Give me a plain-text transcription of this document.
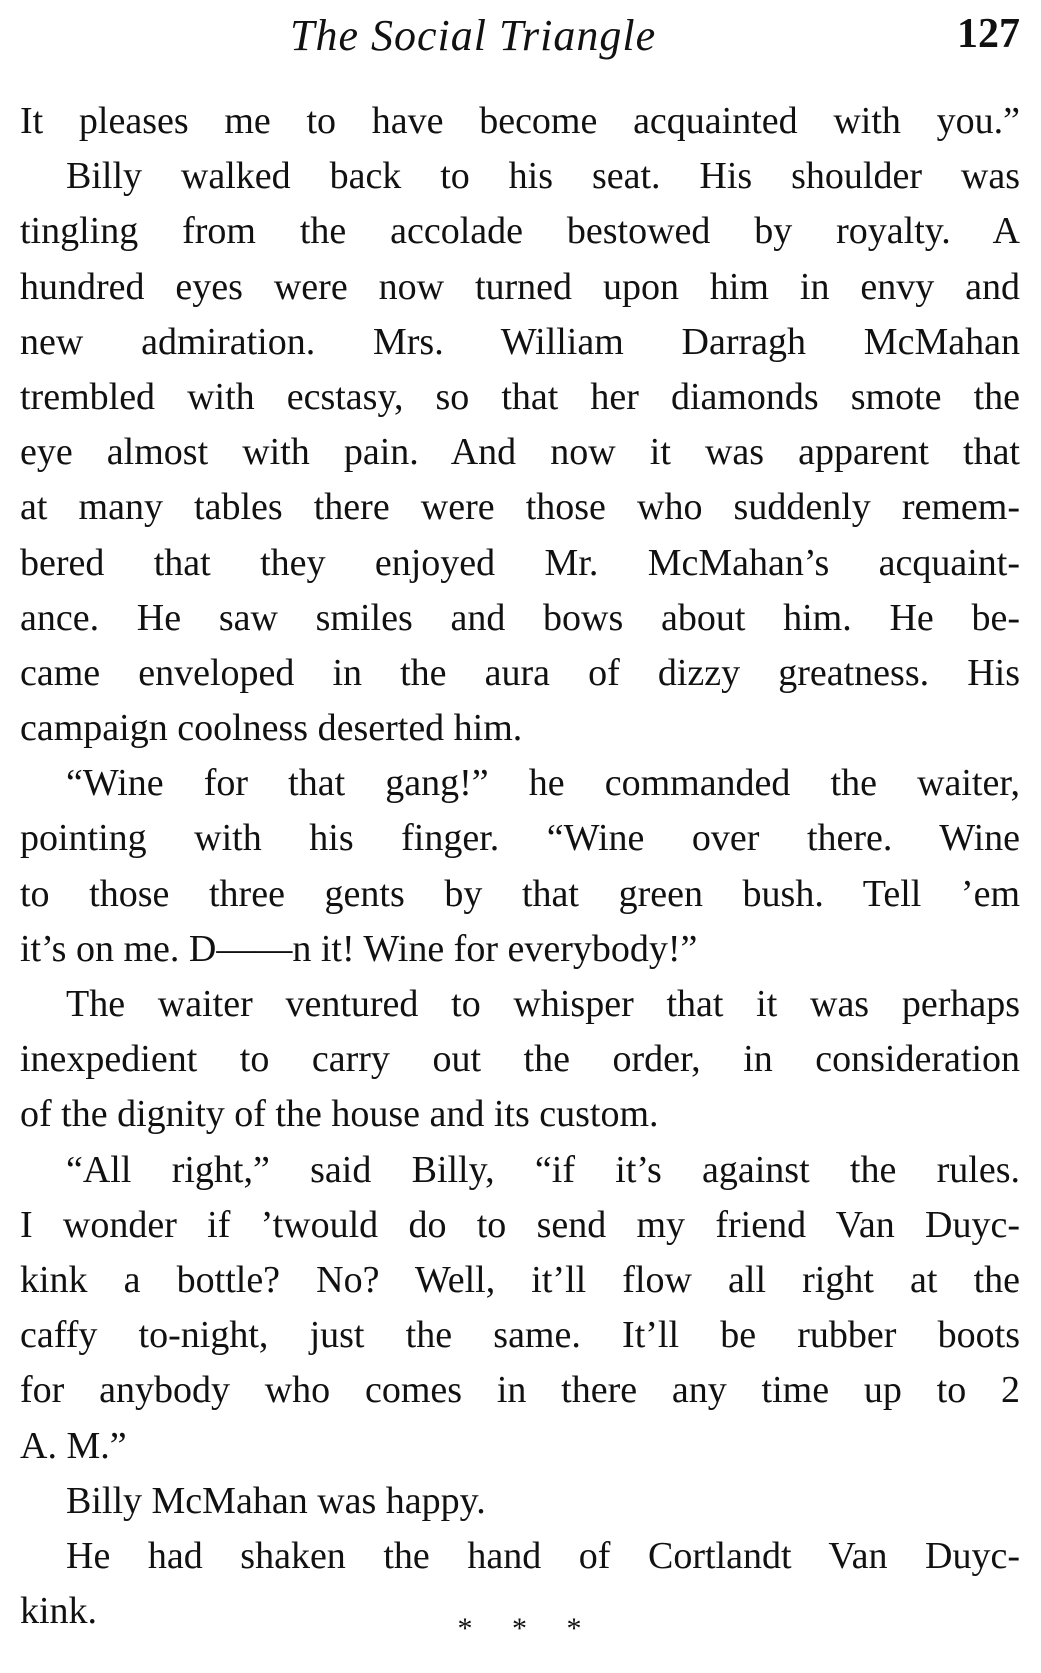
The Social Triangle	127
It pleases me to have become acquainted with you.”
Billy walked back to his seat. His shoulder was
tingling from the accolade bestowed by royalty. A
hundred eyes were now turned upon him in envy and
new admiration. Mrs. William Darragh McMahan
trembled with ecstasy, so that her diamonds smote the
eye almost with pain. And now it was apparent that
at many tables there were those who suddenly remem-
bered that they enjoyed Mr. McMahan’s acquaint-
ance. He saw smiles and bows about him. He be-
came enveloped in the aura of dizzy greatness. His
campaign coolness deserted him.
“Wine for that gang!” he commanded the waiter,
pointing with his finger. “Wine over there. Wine
to those three gents by that green bush. Tell ’em
it’s on me. D——n it! Wine for everybody!”
The waiter ventured to whisper that it was perhaps
inexpedient to carry out the order, in consideration
of the dignity of the house and its custom.
“All right,” said Billy, “if it’s against the rules.
I wonder if ’twould do to send my friend Van Duyc-
kink a bottle? No? Well, it’ll flow all right at the
caffy to-night, just the same. It’ll be rubber boots
for anybody who comes in there any time up to 2
A. M.”
Billy McMahan was happy.
He had shaken the hand of Cortlandt Van Duyc-
kink.	* * *
